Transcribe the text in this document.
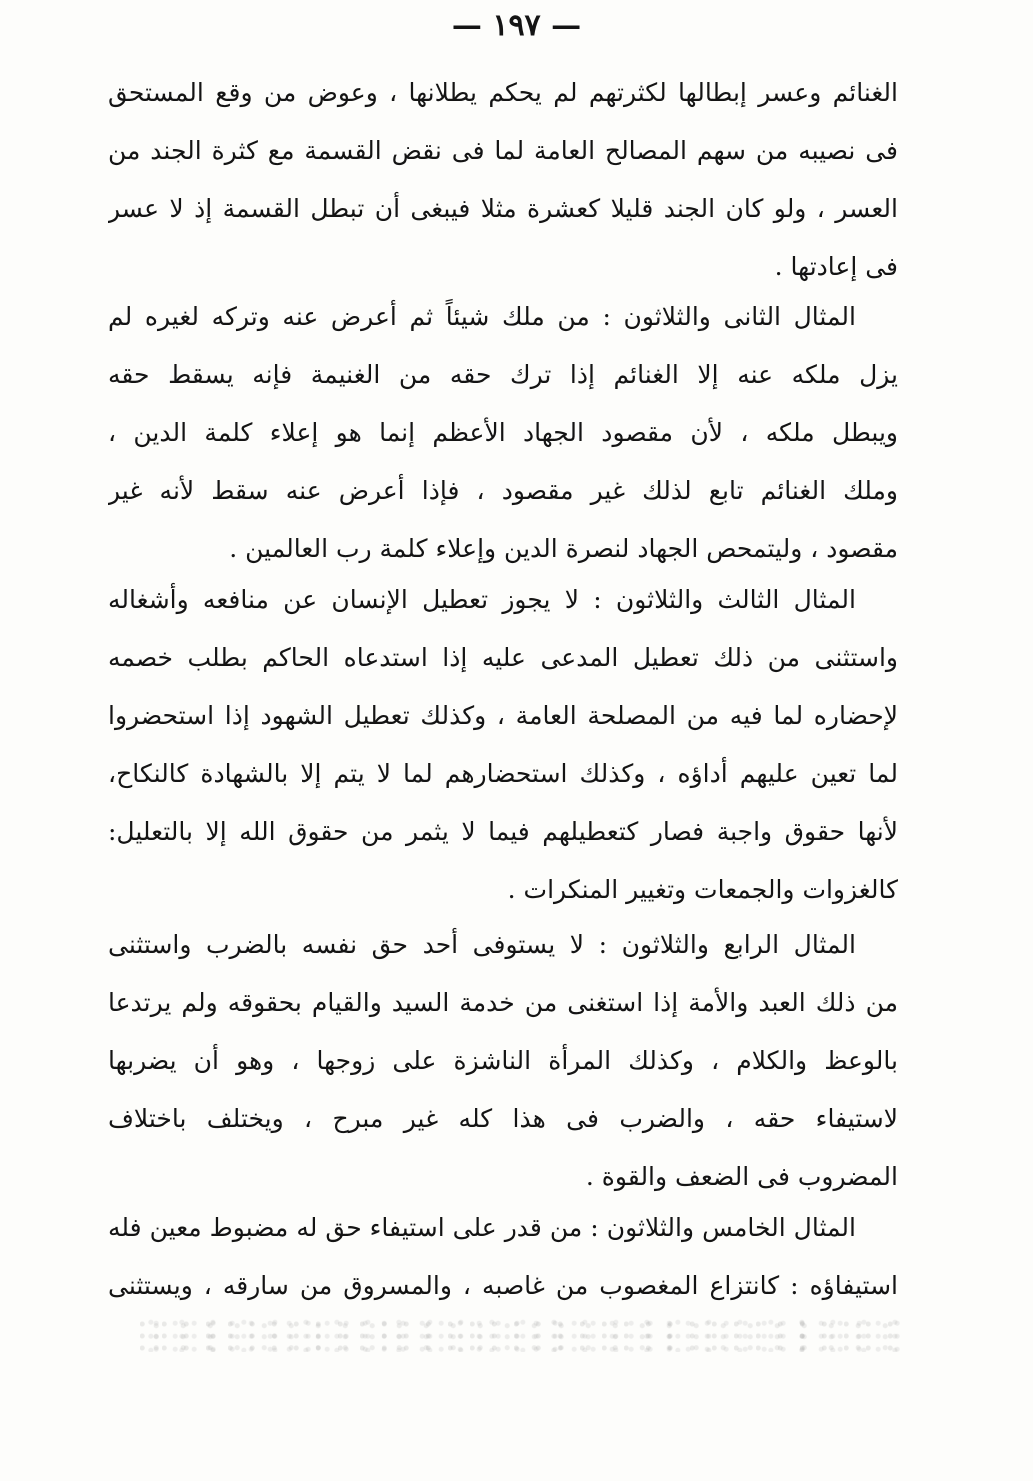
— ١٩٧ —
الغنائم وعسر إبطالها لكثرتهم لم يحكم يطلانها ، وعوض من وقع المستحق
فى نصيبه من سهم المصالح العامة لما فى نقض القسمة مع كثرة الجند من
العسر ، ولو كان الجند قليلا كعشرة مثلا فيبغى أن تبطل القسمة إذ لا عسر
فى إعادتها .
المثال الثانى والثلاثون : من ملك شيئاً ثم أعرض عنه وتركه لغيره لم
يزل ملكه عنه إلا الغنائم إذا ترك حقه من الغنيمة فإنه يسقط حقه
ويبطل ملكه ، لأن مقصود الجهاد الأعظم إنما هو إعلاء كلمة الدين ،
وملك الغنائم تابع لذلك غير مقصود ، فإذا أعرض عنه سقط لأنه غير
مقصود ، وليتمحص الجهاد لنصرة الدين وإعلاء كلمة رب العالمين .
المثال الثالث والثلاثون : لا يجوز تعطيل الإنسان عن منافعه وأشغاله
واستثنى من ذلك تعطيل المدعى عليه إذا استدعاه الحاكم بطلب خصمه
لإحضاره لما فيه من المصلحة العامة ، وكذلك تعطيل الشهود إذا استحضروا
لما تعين عليهم أداؤه ، وكذلك استحضارهم لما لا يتم إلا بالشهادة كالنكاح،
لأنها حقوق واجبة فصار كتعطيلهم فيما لا يثمر من حقوق الله إلا بالتعليل:
كالغزوات والجمعات وتغيير المنكرات .
المثال الرابع والثلاثون : لا يستوفى أحد حق نفسه بالضرب واستثنى
من ذلك العبد والأمة إذا استغنى من خدمة السيد والقيام بحقوقه ولم يرتدعا
بالوعظ والكلام ، وكذلك المرأة الناشزة على زوجها ، وهو أن يضربها
لاستيفاء حقه ، والضرب فى هذا كله غير مبرح ، ويختلف باختلاف
المضروب فى الضعف والقوة .
المثال الخامس والثلاثون : من قدر على استيفاء حق له مضبوط معين فله
استيفاؤه : كانتزاع المغصوب من غاصبه ، والمسروق من سارقه ، ويستثنى
